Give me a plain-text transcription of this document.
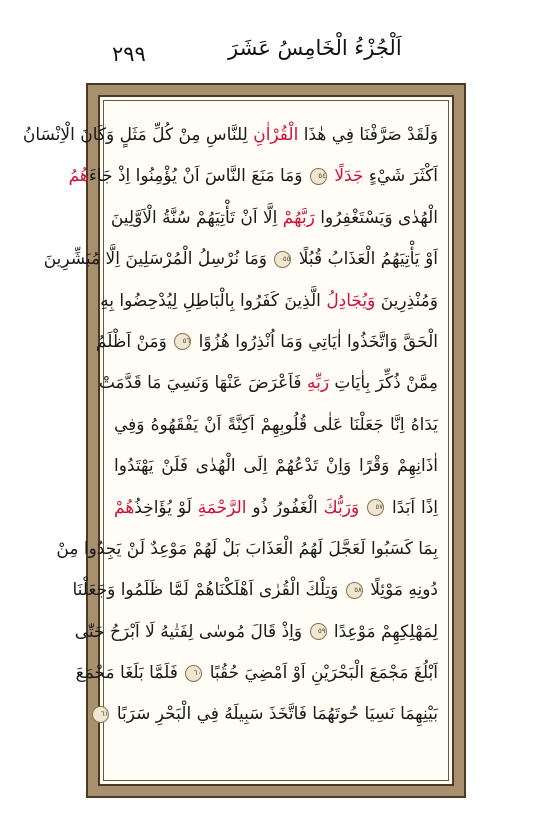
٢٩٩	اَلْجُزْءُ الْخَامِسُ عَشَرَ
وَلَقَدْ صَرَّفْنَا فِي هٰذَا الْقُرْاٰنِ لِلنَّاسِ مِنْ كُلِّ مَثَلٍ وَكَانَ الْاِنْسَانُ
اَكْثَرَ شَيْءٍ جَدَلًا ٥٤ وَمَا مَنَعَ النَّاسَ اَنْ يُؤْمِنُوا اِذْ جَاءَهُمُ
الْهُدٰى وَيَسْتَغْفِرُوا رَبَّهُمْ اِلَّا اَنْ تَأْتِيَهُمْ سُنَّةُ الْاَوَّلِينَ
اَوْ يَأْتِيَهُمُ الْعَذَابُ قُبُلًا ٥٥ وَمَا نُرْسِلُ الْمُرْسَلِينَ اِلَّا مُبَشِّرِينَ
وَمُنْذِرِينَ وَيُجَادِلُ الَّذِينَ كَفَرُوا بِالْبَاطِلِ لِيُدْحِضُوا بِهِ
الْحَقَّ وَاتَّخَذُوا اٰيَاتِي وَمَا اُنْذِرُوا هُزُوًا ٥٦ وَمَنْ اَظْلَمُ
مِمَّنْ ذُكِّرَ بِاٰيَاتِ رَبِّهِ فَاَعْرَضَ عَنْهَا وَنَسِيَ مَا قَدَّمَتْ
يَدَاهُ اِنَّا جَعَلْنَا عَلٰى قُلُوبِهِمْ اَكِنَّةً اَنْ يَفْقَهُوهُ وَفِي
اٰذَانِهِمْ وَقْرًا وَاِنْ تَدْعُهُمْ اِلَى الْهُدٰى فَلَنْ يَهْتَدُوا
اِذًا اَبَدًا ٥٧ وَرَبُّكَ الْغَفُورُ ذُو الرَّحْمَةِ لَوْ يُؤَاخِذُهُمْ
بِمَا كَسَبُوا لَعَجَّلَ لَهُمُ الْعَذَابَ بَلْ لَهُمْ مَوْعِدٌ لَنْ يَجِدُوا مِنْ
دُونِهِ مَوْئِلًا ٥٨ وَتِلْكَ الْقُرٰى اَهْلَكْنَاهُمْ لَمَّا ظَلَمُوا وَجَعَلْنَا
لِمَهْلِكِهِمْ مَوْعِدًا ٥٩ وَاِذْ قَالَ مُوسٰى لِفَتٰيهُ لَا اَبْرَحُ حَتّٰى
اَبْلُغَ مَجْمَعَ الْبَحْرَيْنِ اَوْ اَمْضِيَ حُقُبًا ٦٠ فَلَمَّا بَلَغَا مَجْمَعَ
بَيْنِهِمَا نَسِيَا حُوتَهُمَا فَاتَّخَذَ سَبِيلَهُ فِي الْبَحْرِ سَرَبًا ٦١
